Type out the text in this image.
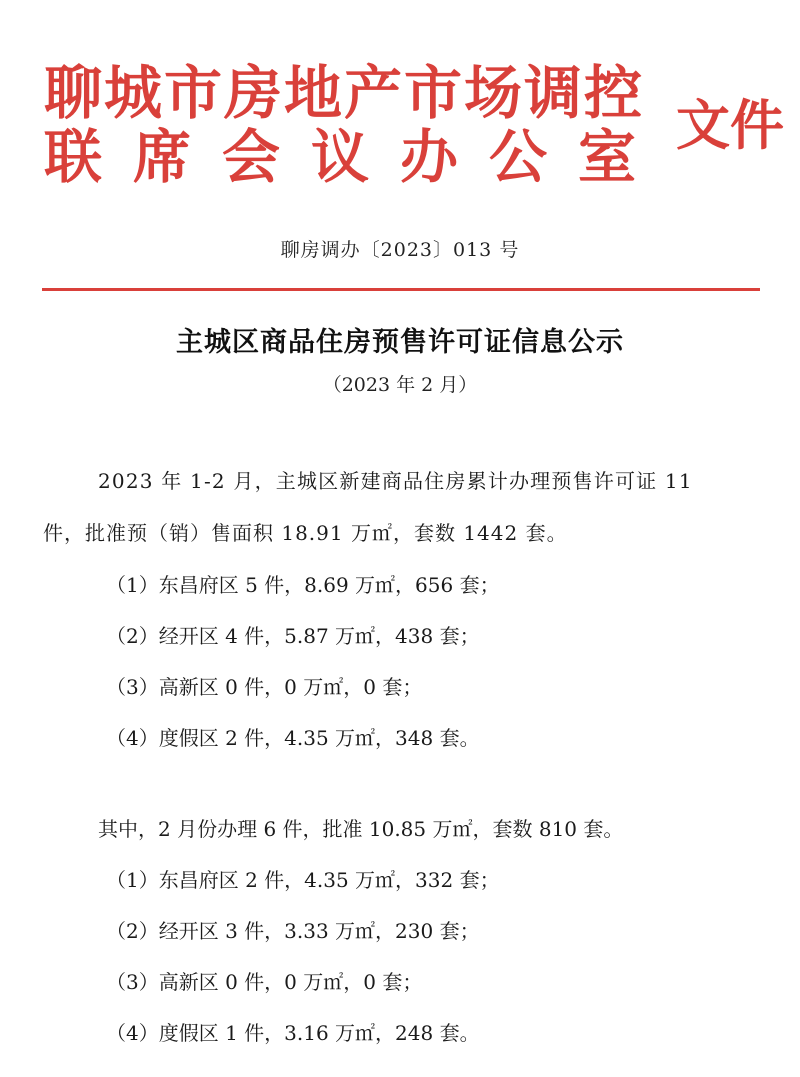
聊城市房地产市场调控
联席会议办公室 文件
聊房调办〔2023〕013 号
主城区商品住房预售许可证信息公示
（2023 年 2 月）
2023 年 1-2 月，主城区新建商品住房累计办理预售许可证 11
件，批准预（销）售面积 18.91 万㎡，套数 1442 套。
（1）东昌府区 5 件，8.69 万㎡，656 套；
（2）经开区 4 件，5.87 万㎡，438 套；
（3）高新区 0 件，0 万㎡，0 套；
（4）度假区 2 件，4.35 万㎡，348 套。
其中，2 月份办理 6 件，批准 10.85 万㎡，套数 810 套。
（1）东昌府区 2 件，4.35 万㎡，332 套；
（2）经开区 3 件，3.33 万㎡，230 套；
（3）高新区 0 件，0 万㎡，0 套；
（4）度假区 1 件，3.16 万㎡，248 套。
